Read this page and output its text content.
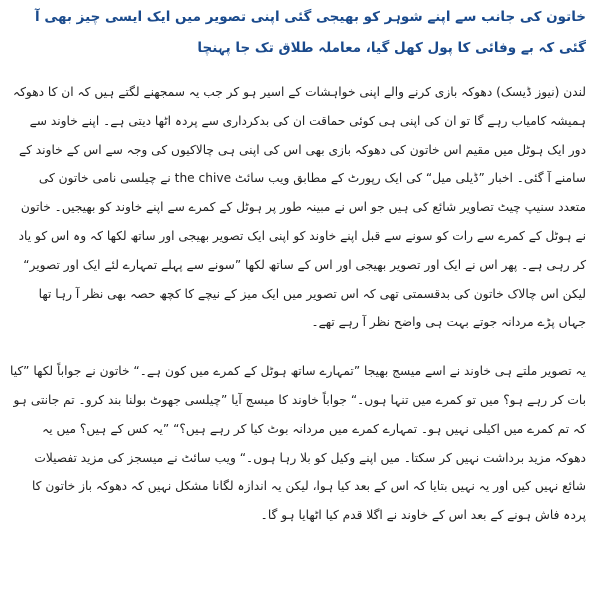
خاتون کی جانب سے اپنے شوہر کو بھیجی گئی اپنی تصویر میں ایک ایسی چیز بھی آ گئی کہ بے وفائی کا پول کھل گیا، معاملہ طلاق تک جا پہنچا

لندن (نیوز ڈیسک) دھوکہ بازی کرنے والے اپنی خواہشات کے اسیر ہو کر جب یہ سمجھنے لگتے ہیں کہ ان کا دھوکہ ہمیشہ کامیاب رہے گا تو ان کی اپنی ہی کوئی حماقت ان کی بدکرداری سے پردہ اٹھا دیتی ہے۔ اپنے خاوند سے دور ایک ہوٹل میں مقیم اس خاتون کی دھوکہ بازی بھی اس کی اپنی ہی چالاکیوں کی وجہ سے اس کے خاوند کے سامنے آ گئی۔ اخبار ”ڈیلی میل“ کی ایک رپورٹ کے مطابق ویب سائٹ the chive نے چیلسی نامی خاتون کی متعدد سنیپ چیٹ تصاویر شائع کی ہیں جو اس نے مبینہ طور پر ہوٹل کے کمرے سے اپنے خاوند کو بھیجیں۔ خاتون نے ہوٹل کے کمرے سے رات کو سونے سے قبل اپنے خاوند کو اپنی ایک تصویر بھیجی اور ساتھ لکھا کہ وہ اس کو یاد کر رہی ہے۔ پھر اس نے ایک اور تصویر بھیجی اور اس کے ساتھ لکھا ”سونے سے پہلے تمہارے لئے ایک اور تصویر“ لیکن اس چالاک خاتون کی بدقسمتی تھی کہ اس تصویر میں ایک میز کے نیچے کا کچھ حصہ بھی نظر آ رہا تھا جہاں پڑے مردانہ جوتے بہت ہی واضح نظر آ رہے تھے۔

یہ تصویر ملتے ہی خاوند نے اسے میسج بھیجا ”تمہارے ساتھ ہوٹل کے کمرے میں کون ہے۔“ خاتون نے جواباً لکھا ”کیا بات کر رہے ہو؟ میں تو کمرے میں تنہا ہوں۔“ جواباً خاوند کا میسج آیا ”چیلسی جھوٹ بولنا بند کرو۔ تم جانتی ہو کہ تم کمرے میں اکیلی نہیں ہو۔ تمہارے کمرے میں مردانہ بوٹ کیا کر رہے ہیں؟“ ”یہ کس کے ہیں؟ میں یہ دھوکہ مزید برداشت نہیں کر سکتا۔ میں اپنے وکیل کو بلا رہا ہوں۔“ ویب سائٹ نے میسجز کی مزید تفصیلات شائع نہیں کیں اور یہ نہیں بتایا کہ اس کے بعد کیا ہوا، لیکن یہ اندازہ لگانا مشکل نہیں کہ دھوکہ باز خاتون کا پردہ فاش ہونے کے بعد اس کے خاوند نے اگلا قدم کیا اٹھایا ہو گا۔
